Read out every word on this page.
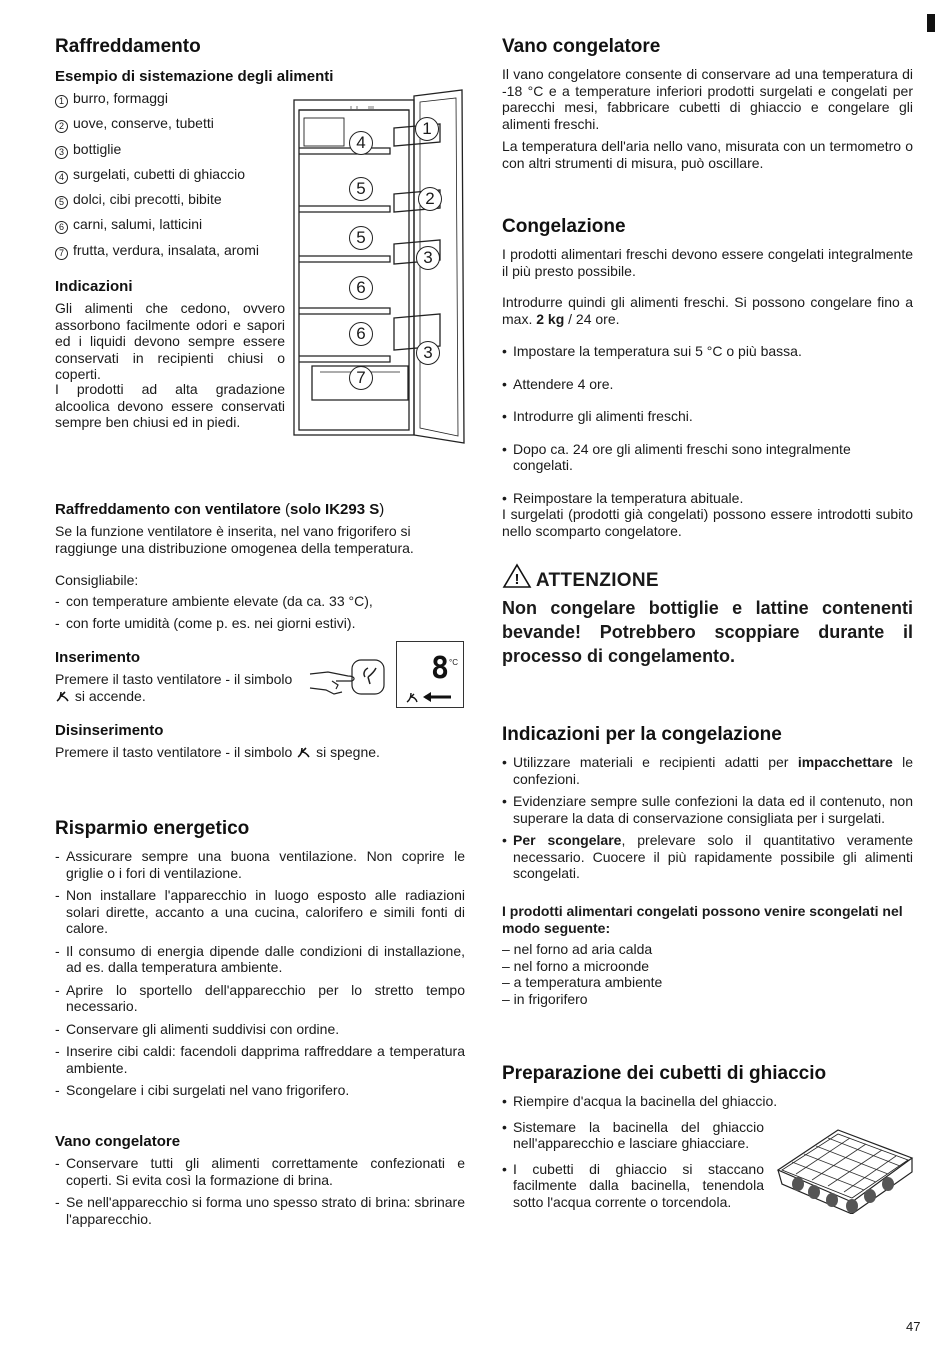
Raffreddamento
Esempio di sistemazione degli alimenti
1 burro, formaggi
2 uove, conserve, tubetti
3 bottiglie
4 surgelati, cubetti di ghiaccio
5 dolci, cibi precotti, bibite
6 carni, salumi, latticini
7 frutta, verdura, insalata, aromi
Indicazioni

Gli alimenti che cedono, ovvero assorbono facilmente odori e sapori ed i liquidi devono sempre essere conservati in recipienti chiusi o coperti.

I prodotti ad alta gradazione alcoolica devono essere conservati sempre ben chiusi ed in piedi.

1
4
5
2
5
3
6
6
3
7
Raffreddamento con ventilatore (solo IK293 S)

Se la funzione ventilatore è inserita, nel vano frigorifero si raggiunge una distribuzione omogenea della temperatura.

Consigliabile:

- con temperature ambiente elevate (da ca. 33 °C),
- con forte umidità (come p. es. nei giorni estivi).
Inserimento

Premere il tasto ventilatore - il simbolo
si accende.

8 °C
Disinserimento

Premere il tasto ventilatore - il simbolo si spegne.

Risparmio energetico
- Assicurare sempre una buona ventilazione. Non coprire le griglie o i fori di ventilazione.
- Non installare l'apparecchio in luogo esposto alle radiazioni solari dirette, accanto a una cucina, calorifero e simili fonti di calore.
- Il consumo di energia dipende dalle condizioni di installazione, ad es. dalla temperatura ambiente.
- Aprire lo sportello dell'apparecchio per lo stretto tempo necessario.
- Conservare gli alimenti suddivisi con ordine.
- Inserire cibi caldi: facendoli dapprima raffreddare a temperatura ambiente.
- Scongelare i cibi surgelati nel vano frigorifero.
Vano congelatore
- Conservare tutti gli alimenti correttamente confezionati e coperti. Si evita così la formazione di brina.
- Se nell'apparecchio si forma uno spesso strato di brina: sbrinare l'apparecchio.
Vano congelatore

Il vano congelatore consente di conservare ad una temperatura di -18 °C e a temperature inferiori prodotti surgelati e congelati per parecchi mesi, fabbricare cubetti di ghiaccio e congelare gli alimenti freschi.

La temperatura dell'aria nello vano, misurata con un termometro o con altri strumenti di misura, può oscillare.

Congelazione

I prodotti alimentari freschi devono essere congelati integralmente il più presto possibile.

Introdurre quindi gli alimenti freschi. Si possono congelare fino a max. 2 kg / 24 ore.

• Impostare la temperatura sui 5 °C o più bassa.
• Attendere 4 ore.
• Introdurre gli alimenti freschi.
• Dopo ca. 24 ore gli alimenti freschi sono integralmente congelati.
• Reimpostare la temperatura abituale.

I surgelati (prodotti già congelati) possono essere introdotti subito nello scomparto congelatore.

! ATTENZIONE

Non congelare bottiglie e lattine contenenti bevande! Potrebbero scoppiare durante il processo di congelamento.

Indicazioni per la congelazione
• Utilizzare materiali e recipienti adatti per impacchettare le confezioni.
• Evidenziare sempre sulle confezioni la data ed il contenuto, non superare la data di conservazione consigliata per i surgelati.
• Per scongelare, prelevare solo il quantitativo veramente necessario. Cuocere il più rapidamente possibile gli alimenti scongelati.

I prodotti alimentari congelati possono venire scongelati nel modo seguente:

– nel forno ad aria calda
– nel forno a microonde
– a temperatura ambiente
– in frigorifero
Preparazione dei cubetti di ghiaccio
• Riempire d'acqua la bacinella del ghiaccio.
• Sistemare la bacinella del ghiaccio nell'apparecchio e lasciare ghiacciare.
• I cubetti di ghiaccio si staccano facilmente dalla bacinella, tenendola sotto l'acqua corrente o torcendola.
47
